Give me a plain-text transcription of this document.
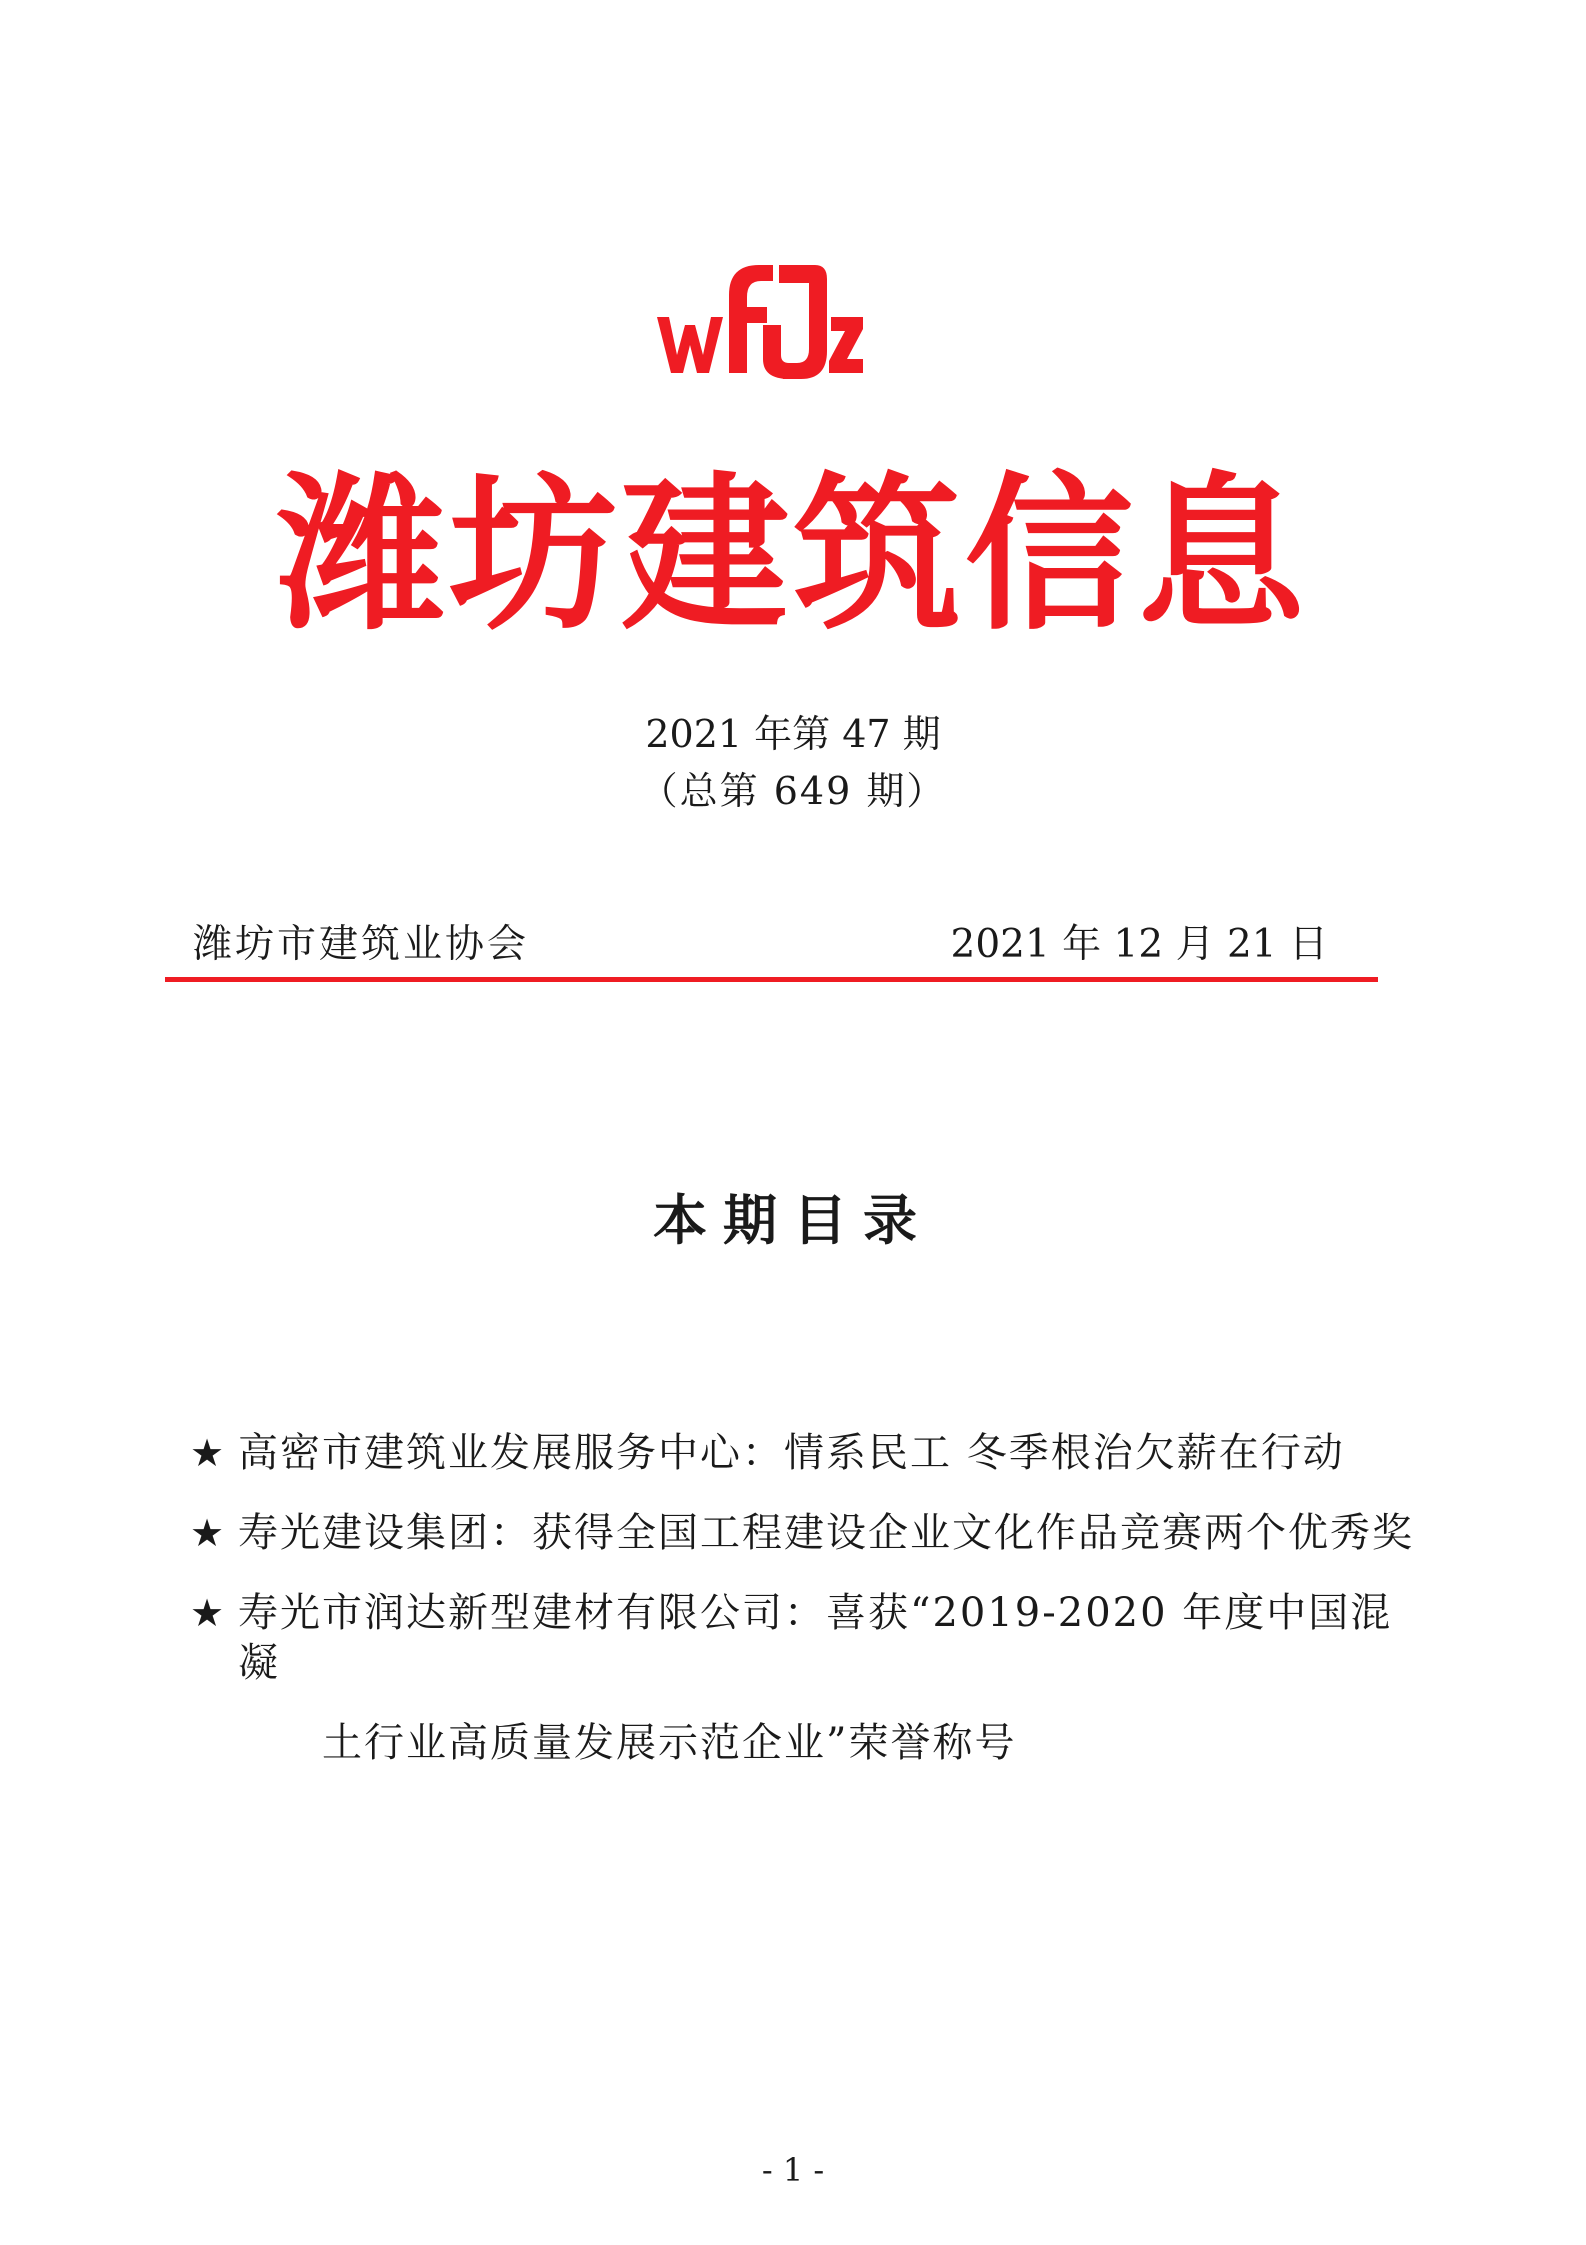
潍坊建筑信息
2021 年第 47 期
（总第 649 期）
潍坊市建筑业协会	2021 年 12 月 21 日
本期目录
★ 高密市建筑业发展服务中心：情系民工 冬季根治欠薪在行动
★ 寿光建设集团：获得全国工程建设企业文化作品竞赛两个优秀奖
★ 寿光市润达新型建材有限公司：喜获“2019-2020 年度中国混凝
土行业高质量发展示范企业”荣誉称号
- 1 -
